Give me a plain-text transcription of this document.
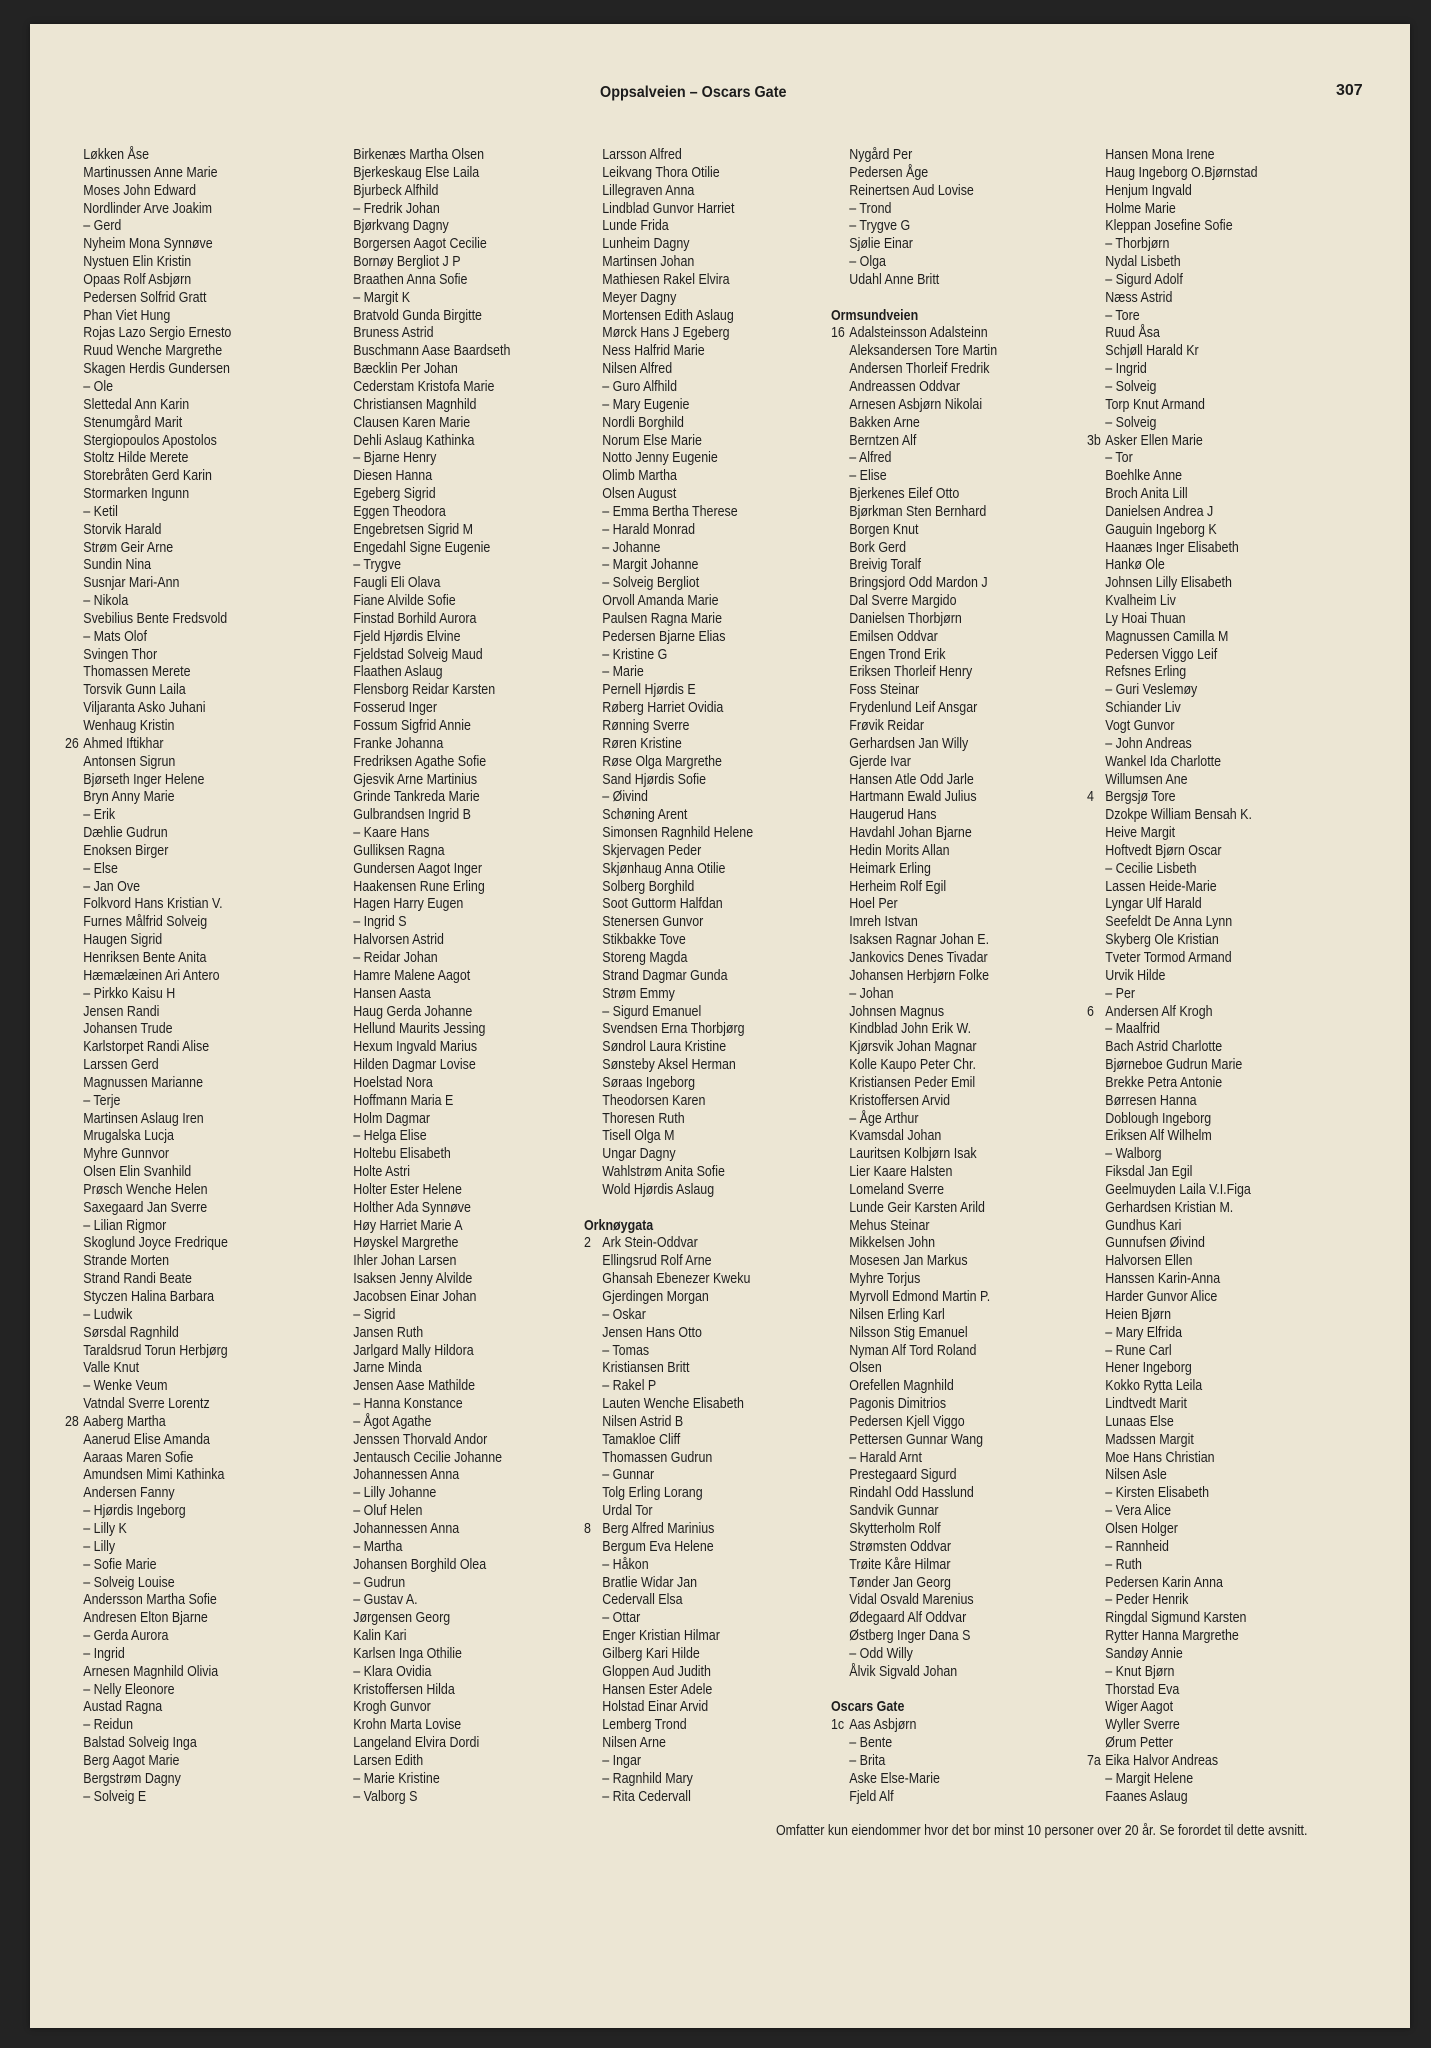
Oppsalveien – Oscars Gate	307
Løkken Åse
Martinussen Anne Marie
Moses John Edward
Nordlinder Arve Joakim
– Gerd
Nyheim Mona Synnøve
Nystuen Elin Kristin
Opaas Rolf Asbjørn
Pedersen Solfrid Gratt
Phan Viet Hung
Rojas Lazo Sergio Ernesto
Ruud Wenche Margrethe
Skagen Herdis Gundersen
– Ole
Slettedal Ann Karin
Stenumgård Marit
Stergiopoulos Apostolos
Stoltz Hilde Merete
Storebråten Gerd Karin
Stormarken Ingunn
– Ketil
Storvik Harald
Strøm Geir Arne
Sundin Nina
Susnjar Mari-Ann
– Nikola
Svebilius Bente Fredsvold
– Mats Olof
Svingen Thor
Thomassen Merete
Torsvik Gunn Laila
Viljaranta Asko Juhani
Wenhaug Kristin
26 Ahmed Iftikhar
Antonsen Sigrun
Bjørseth Inger Helene
Bryn Anny Marie
– Erik
Dæhlie Gudrun
Enoksen Birger
– Else
– Jan Ove
Folkvord Hans Kristian V.
Furnes Målfrid Solveig
Haugen Sigrid
Henriksen Bente Anita
Hæmælæinen Ari Antero
– Pirkko Kaisu H
Jensen Randi
Johansen Trude
Karlstorpet Randi Alise
Larssen Gerd
Magnussen Marianne
– Terje
Martinsen Aslaug Iren
Mrugalska Lucja
Myhre Gunnvor
Olsen Elin Svanhild
Prøsch Wenche Helen
Saxegaard Jan Sverre
– Lilian Rigmor
Skoglund Joyce Fredrique
Strande Morten
Strand Randi Beate
Styczen Halina Barbara
– Ludwik
Sørsdal Ragnhild
Taraldsrud Torun Herbjørg
Valle Knut
– Wenke Veum
Vatndal Sverre Lorentz
28 Aaberg Martha
Aanerud Elise Amanda
Aaraas Maren Sofie
Amundsen Mimi Kathinka
Andersen Fanny
– Hjørdis Ingeborg
– Lilly K
– Lilly
– Sofie Marie
– Solveig Louise
Andersson Martha Sofie
Andresen Elton Bjarne
– Gerda Aurora
– Ingrid
Arnesen Magnhild Olivia
– Nelly Eleonore
Austad Ragna
– Reidun
Balstad Solveig Inga
Berg Aagot Marie
Bergstrøm Dagny
– Solveig E
Birkenæs Martha Olsen
Bjerkeskaug Else Laila
Bjurbeck Alfhild
– Fredrik Johan
Bjørkvang Dagny
Borgersen Aagot Cecilie
Bornøy Bergliot J P
Braathen Anna Sofie
– Margit K
Bratvold Gunda Birgitte
Bruness Astrid
Buschmann Aase Baardseth
Bæcklin Per Johan
Cederstam Kristofa Marie
Christiansen Magnhild
Clausen Karen Marie
Dehli Aslaug Kathinka
– Bjarne Henry
Diesen Hanna
Egeberg Sigrid
Eggen Theodora
Engebretsen Sigrid M
Engedahl Signe Eugenie
– Trygve
Faugli Eli Olava
Fiane Alvilde Sofie
Finstad Borhild Aurora
Fjeld Hjørdis Elvine
Fjeldstad Solveig Maud
Flaathen Aslaug
Flensborg Reidar Karsten
Fosserud Inger
Fossum Sigfrid Annie
Franke Johanna
Fredriksen Agathe Sofie
Gjesvik Arne Martinius
Grinde Tankreda Marie
Gulbrandsen Ingrid B
– Kaare Hans
Gulliksen Ragna
Gundersen Aagot Inger
Haakensen Rune Erling
Hagen Harry Eugen
– Ingrid S
Halvorsen Astrid
– Reidar Johan
Hamre Malene Aagot
Hansen Aasta
Haug Gerda Johanne
Hellund Maurits Jessing
Hexum Ingvald Marius
Hilden Dagmar Lovise
Hoelstad Nora
Hoffmann Maria E
Holm Dagmar
– Helga Elise
Holtebu Elisabeth
Holte Astri
Holter Ester Helene
Holther Ada Synnøve
Høy Harriet Marie A
Høyskel Margrethe
Ihler Johan Larsen
Isaksen Jenny Alvilde
Jacobsen Einar Johan
– Sigrid
Jansen Ruth
Jarlgard Mally Hildora
Jarne Minda
Jensen Aase Mathilde
– Hanna Konstance
– Ågot Agathe
Jenssen Thorvald Andor
Jentausch Cecilie Johanne
Johannessen Anna
– Lilly Johanne
– Oluf Helen
Johannessen Anna
– Martha
Johansen Borghild Olea
– Gudrun
– Gustav A.
Jørgensen Georg
Kalin Kari
Karlsen Inga Othilie
– Klara Ovidia
Kristoffersen Hilda
Krogh Gunvor
Krohn Marta Lovise
Langeland Elvira Dordi
Larsen Edith
– Marie Kristine
– Valborg S
Larsson Alfred
Leikvang Thora Otilie
Lillegraven Anna
Lindblad Gunvor Harriet
Lunde Frida
Lunheim Dagny
Martinsen Johan
Mathiesen Rakel Elvira
Meyer Dagny
Mortensen Edith Aslaug
Mørck Hans J Egeberg
Ness Halfrid Marie
Nilsen Alfred
– Guro Alfhild
– Mary Eugenie
Nordli Borghild
Norum Else Marie
Notto Jenny Eugenie
Olimb Martha
Olsen August
– Emma Bertha Therese
– Harald Monrad
– Johanne
– Margit Johanne
– Solveig Bergliot
Orvoll Amanda Marie
Paulsen Ragna Marie
Pedersen Bjarne Elias
– Kristine G
– Marie
Pernell Hjørdis E
Røberg Harriet Ovidia
Rønning Sverre
Røren Kristine
Røse Olga Margrethe
Sand Hjørdis Sofie
– Øivind
Schøning Arent
Simonsen Ragnhild Helene
Skjervagen Peder
Skjønhaug Anna Otilie
Solberg Borghild
Soot Guttorm Halfdan
Stenersen Gunvor
Stikbakke Tove
Storeng Magda
Strand Dagmar Gunda
Strøm Emmy
– Sigurd Emanuel
Svendsen Erna Thorbjørg
Søndrol Laura Kristine
Sønsteby Aksel Herman
Søraas Ingeborg
Theodorsen Karen
Thoresen Ruth
Tisell Olga M
Ungar Dagny
Wahlstrøm Anita Sofie
Wold Hjørdis Aslaug
Orknøygata
2 Ark Stein-Oddvar
Ellingsrud Rolf Arne
Ghansah Ebenezer Kweku
Gjerdingen Morgan
– Oskar
Jensen Hans Otto
– Tomas
Kristiansen Britt
– Rakel P
Lauten Wenche Elisabeth
Nilsen Astrid B
Tamakloe Cliff
Thomassen Gudrun
– Gunnar
Tolg Erling Lorang
Urdal Tor
8 Berg Alfred Marinius
Bergum Eva Helene
– Håkon
Bratlie Widar Jan
Cedervall Elsa
– Ottar
Enger Kristian Hilmar
Gilberg Kari Hilde
Gloppen Aud Judith
Hansen Ester Adele
Holstad Einar Arvid
Lemberg Trond
Nilsen Arne
– Ingar
– Ragnhild Mary
– Rita Cedervall
Nygård Per
Pedersen Åge
Reinertsen Aud Lovise
– Trond
– Trygve G
Sjølie Einar
– Olga
Udahl Anne Britt
Ormsundveien
16 Adalsteinsson Adalsteinn
Aleksandersen Tore Martin
Andersen Thorleif Fredrik
Andreassen Oddvar
Arnesen Asbjørn Nikolai
Bakken Arne
Berntzen Alf
– Alfred
– Elise
Bjerkenes Eilef Otto
Bjørkman Sten Bernhard
Borgen Knut
Bork Gerd
Breivig Toralf
Bringsjord Odd Mardon J
Dal Sverre Margido
Danielsen Thorbjørn
Emilsen Oddvar
Engen Trond Erik
Eriksen Thorleif Henry
Foss Steinar
Frydenlund Leif Ansgar
Frøvik Reidar
Gerhardsen Jan Willy
Gjerde Ivar
Hansen Atle Odd Jarle
Hartmann Ewald Julius
Haugerud Hans
Havdahl Johan Bjarne
Hedin Morits Allan
Heimark Erling
Herheim Rolf Egil
Hoel Per
Imreh Istvan
Isaksen Ragnar Johan E.
Jankovics Denes Tivadar
Johansen Herbjørn Folke
– Johan
Johnsen Magnus
Kindblad John Erik W.
Kjørsvik Johan Magnar
Kolle Kaupo Peter Chr.
Kristiansen Peder Emil
Kristoffersen Arvid
– Åge Arthur
Kvamsdal Johan
Lauritsen Kolbjørn Isak
Lier Kaare Halsten
Lomeland Sverre
Lunde Geir Karsten Arild
Mehus Steinar
Mikkelsen John
Mosesen Jan Markus
Myhre Torjus
Myrvoll Edmond Martin P.
Nilsen Erling Karl
Nilsson Stig Emanuel
Nyman Alf Tord Roland
Olsen
Orefellen Magnhild
Pagonis Dimitrios
Pedersen Kjell Viggo
Pettersen Gunnar Wang
– Harald Arnt
Prestegaard Sigurd
Rindahl Odd Hasslund
Sandvik Gunnar
Skytterholm Rolf
Strømsten Oddvar
Trøite Kåre Hilmar
Tønder Jan Georg
Vidal Osvald Marenius
Ødegaard Alf Oddvar
Østberg Inger Dana S
– Odd Willy
Ålvik Sigvald Johan
Oscars Gate
1c Aas Asbjørn
– Bente
– Brita
Aske Else-Marie
Fjeld Alf
Hansen Mona Irene
Haug Ingeborg O.Bjørnstad
Henjum Ingvald
Holme Marie
Kleppan Josefine Sofie
– Thorbjørn
Nydal Lisbeth
– Sigurd Adolf
Næss Astrid
– Tore
Ruud Åsa
Schjøll Harald Kr
– Ingrid
– Solveig
Torp Knut Armand
– Solveig
3b Asker Ellen Marie
– Tor
Boehlke Anne
Broch Anita Lill
Danielsen Andrea J
Gauguin Ingeborg K
Haanæs Inger Elisabeth
Hankø Ole
Johnsen Lilly Elisabeth
Kvalheim Liv
Ly Hoai Thuan
Magnussen Camilla M
Pedersen Viggo Leif
Refsnes Erling
– Guri Veslemøy
Schiander Liv
Vogt Gunvor
– John Andreas
Wankel Ida Charlotte
Willumsen Ane
4 Bergsjø Tore
Dzokpe William Bensah K.
Heive Margit
Hoftvedt Bjørn Oscar
– Cecilie Lisbeth
Lassen Heide-Marie
Lyngar Ulf Harald
Seefeldt De Anna Lynn
Skyberg Ole Kristian
Tveter Tormod Armand
Urvik Hilde
– Per
6 Andersen Alf Krogh
– Maalfrid
Bach Astrid Charlotte
Bjørneboe Gudrun Marie
Brekke Petra Antonie
Børresen Hanna
Doblough Ingeborg
Eriksen Alf Wilhelm
– Walborg
Fiksdal Jan Egil
Geelmuyden Laila V.I.Figa
Gerhardsen Kristian M.
Gundhus Kari
Gunnufsen Øivind
Halvorsen Ellen
Hanssen Karin-Anna
Harder Gunvor Alice
Heien Bjørn
– Mary Elfrida
– Rune Carl
Hener Ingeborg
Kokko Rytta Leila
Lindtvedt Marit
Lunaas Else
Madssen Margit
Moe Hans Christian
Nilsen Asle
– Kirsten Elisabeth
– Vera Alice
Olsen Holger
– Rannheid
– Ruth
Pedersen Karin Anna
– Peder Henrik
Ringdal Sigmund Karsten
Rytter Hanna Margrethe
Sandøy Annie
– Knut Bjørn
Thorstad Eva
Wiger Aagot
Wyller Sverre
Ørum Petter
7a Eika Halvor Andreas
– Margit Helene
Faanes Aslaug
Omfatter kun eiendommer hvor det bor minst 10 personer over 20 år. Se forordet til dette avsnitt.
